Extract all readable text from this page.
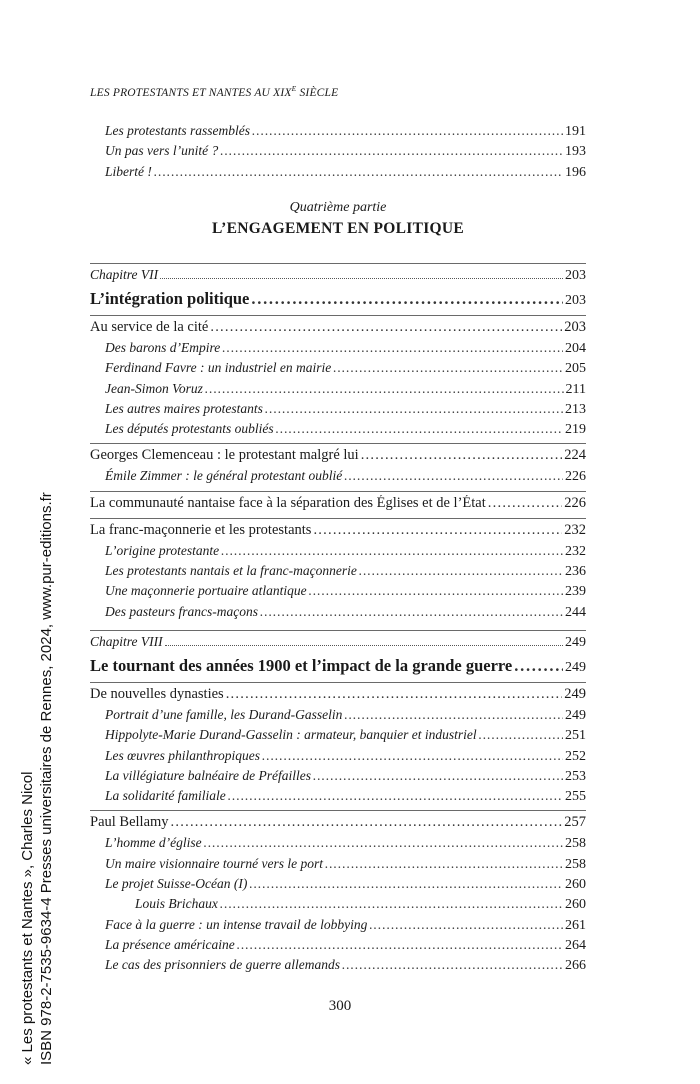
LES PROTESTANTS ET NANTES AU $XIX^E$ SIÈCLE
Les protestants rassemblés . . .	191
Un pas vers l’unité ? . . .	193
Liberté ! . . .	196
Quatrième partie
L’ENGAGEMENT EN POLITIQUE
Chapitre VII	203
L’intégration politique . . .	203
Au service de la cité . . .	203
Des barons d’Empire . . .	204
Ferdinand Favre : un industriel en mairie . . .	205
Jean-Simon Voruz . . .	211
Les autres maires protestants . . .	213
Les députés protestants oubliés . . .	219
Georges Clemenceau : le protestant malgré lui . . .	224
Émile Zimmer : le général protestant oublié . . .	226
La communauté nantaise face à la séparation des Églises et de l’État . . .	226
La franc-maçonnerie et les protestants . . .	232
L’origine protestante . . .	232
Les protestants nantais et la franc-maçonnerie . . .	236
Une maçonnerie portuaire atlantique . . .	239
Des pasteurs francs-maçons . . .	244
Chapitre VIII	249
Le tournant des années 1900 et l’impact de la grande guerre . . .	249
De nouvelles dynasties . . .	249
Portrait d’une famille, les Durand-Gasselin . . .	249
Hippolyte-Marie Durand-Gasselin : armateur, banquier et industriel . . .	251
Les œuvres philanthropiques . . .	252
La villégiature balnéaire de Préfailles . . .	253
La solidarité familiale . . .	255
Paul Bellamy . . .	257
L’homme d’église . . .	258
Un maire visionnaire tourné vers le port . . .	258
Le projet Suisse-Océan (I) . . .	260
Louis Brichaux . . .	260
Face à la guerre : un intense travail de lobbying . . .	261
La présence américaine . . .	264
Le cas des prisonniers de guerre allemands . . .	266
300
« Les protestants et Nantes », Charles Nicol ISBN 978-2-7535-9634-4 Presses universitaires de Rennes, 2024, www.pur-editions.fr
